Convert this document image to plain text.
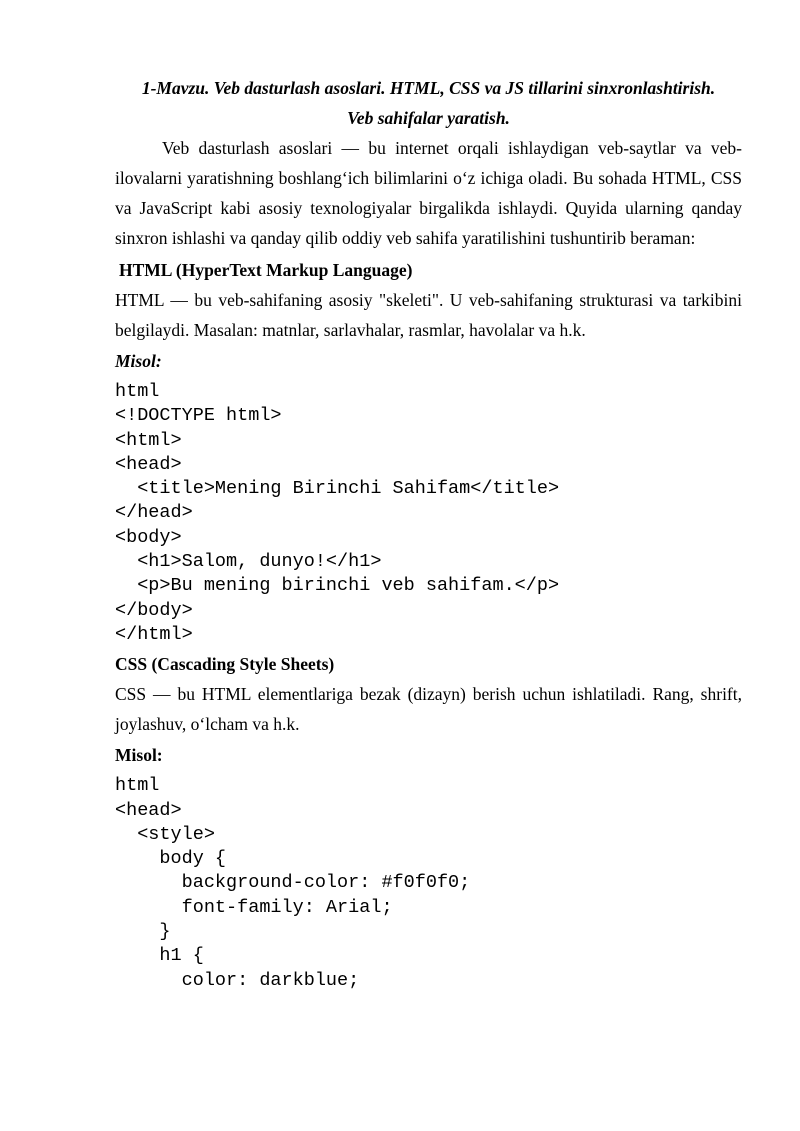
1-Mavzu. Veb dasturlash asoslari. HTML, CSS va JS tillarini sinxronlashtirish.

Veb sahifalar yaratish.

Veb dasturlash asoslari — bu internet orqali ishlaydigan veb-saytlar va veb-ilovalarni yaratishning boshlang‘ich bilimlarini o‘z ichiga oladi. Bu sohada HTML, CSS va JavaScript kabi asosiy texnologiyalar birgalikda ishlaydi. Quyida ularning qanday sinxron ishlashi va qanday qilib oddiy veb sahifa yaratilishini tushuntirib beraman:

HTML (HyperText Markup Language)

HTML — bu veb-sahifaning asosiy "skeleti". U veb-sahifaning strukturasi va tarkibini belgilaydi. Masalan: matnlar, sarlavhalar, rasmlar, havolalar va h.k.

Misol:

html
<!DOCTYPE html>
<html>
<head>
<title>Mening Birinchi Sahifam</title>
</head>
<body>
<h1>Salom, dunyo!</h1>
<p>Bu mening birinchi veb sahifam.</p>
</body>
</html>

CSS (Cascading Style Sheets)

CSS — bu HTML elementlariga bezak (dizayn) berish uchun ishlatiladi. Rang, shrift, joylashuv, o‘lcham va h.k.

Misol:

html
<head>
<style>
body {
background-color: #f0f0f0;
font-family: Arial;
}
h1 {
color: darkblue;
